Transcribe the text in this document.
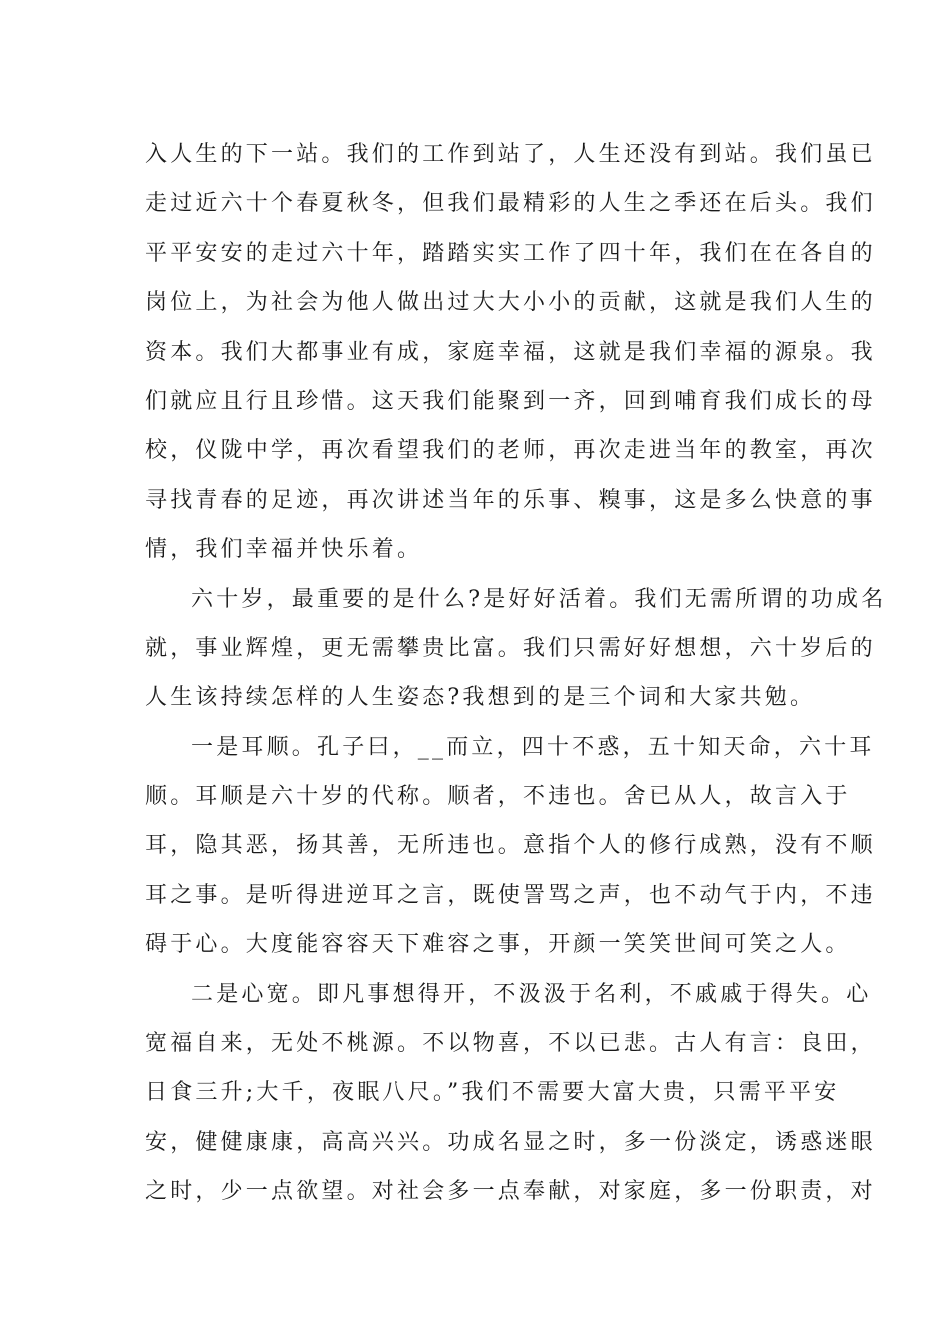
入人生的下一站。我们的工作到站了，人生还没有到站。我们虽已
走过近六十个春夏秋冬，但我们最精彩的人生之季还在后头。我们
平平安安的走过六十年，踏踏实实工作了四十年，我们在在各自的
岗位上，为社会为他人做出过大大小小的贡献，这就是我们人生的
资本。我们大都事业有成，家庭幸福，这就是我们幸福的源泉。我
们就应且行且珍惜。这天我们能聚到一齐，回到哺育我们成长的母
校，仪陇中学，再次看望我们的老师，再次走进当年的教室，再次
寻找青春的足迹，再次讲述当年的乐事、糗事，这是多么快意的事
情，我们幸福并快乐着。
六十岁，最重要的是什么?是好好活着。我们无需所谓的功成名
就，事业辉煌，更无需攀贵比富。我们只需好好想想，六十岁后的
人生该持续怎样的人生姿态?我想到的是三个词和大家共勉。
一是耳顺。孔子曰，__而立，四十不惑，五十知天命，六十耳
顺。耳顺是六十岁的代称。顺者，不违也。舍已从人，故言入于
耳，隐其恶，扬其善，无所违也。意指个人的修行成熟，没有不顺
耳之事。是听得进逆耳之言，既使詈骂之声，也不动气于内，不违
碍于心。大度能容容天下难容之事，开颜一笑笑世间可笑之人。
二是心宽。即凡事想得开，不汲汲于名利，不戚戚于得失。心
宽福自来，无处不桃源。不以物喜，不以已悲。古人有言：良田，
日食三升;大千，夜眠八尺。”我们不需要大富大贵，只需平平安
安，健健康康，高高兴兴。功成名显之时，多一份淡定，诱惑迷眼
之时，少一点欲望。对社会多一点奉献，对家庭，多一份职责，对
